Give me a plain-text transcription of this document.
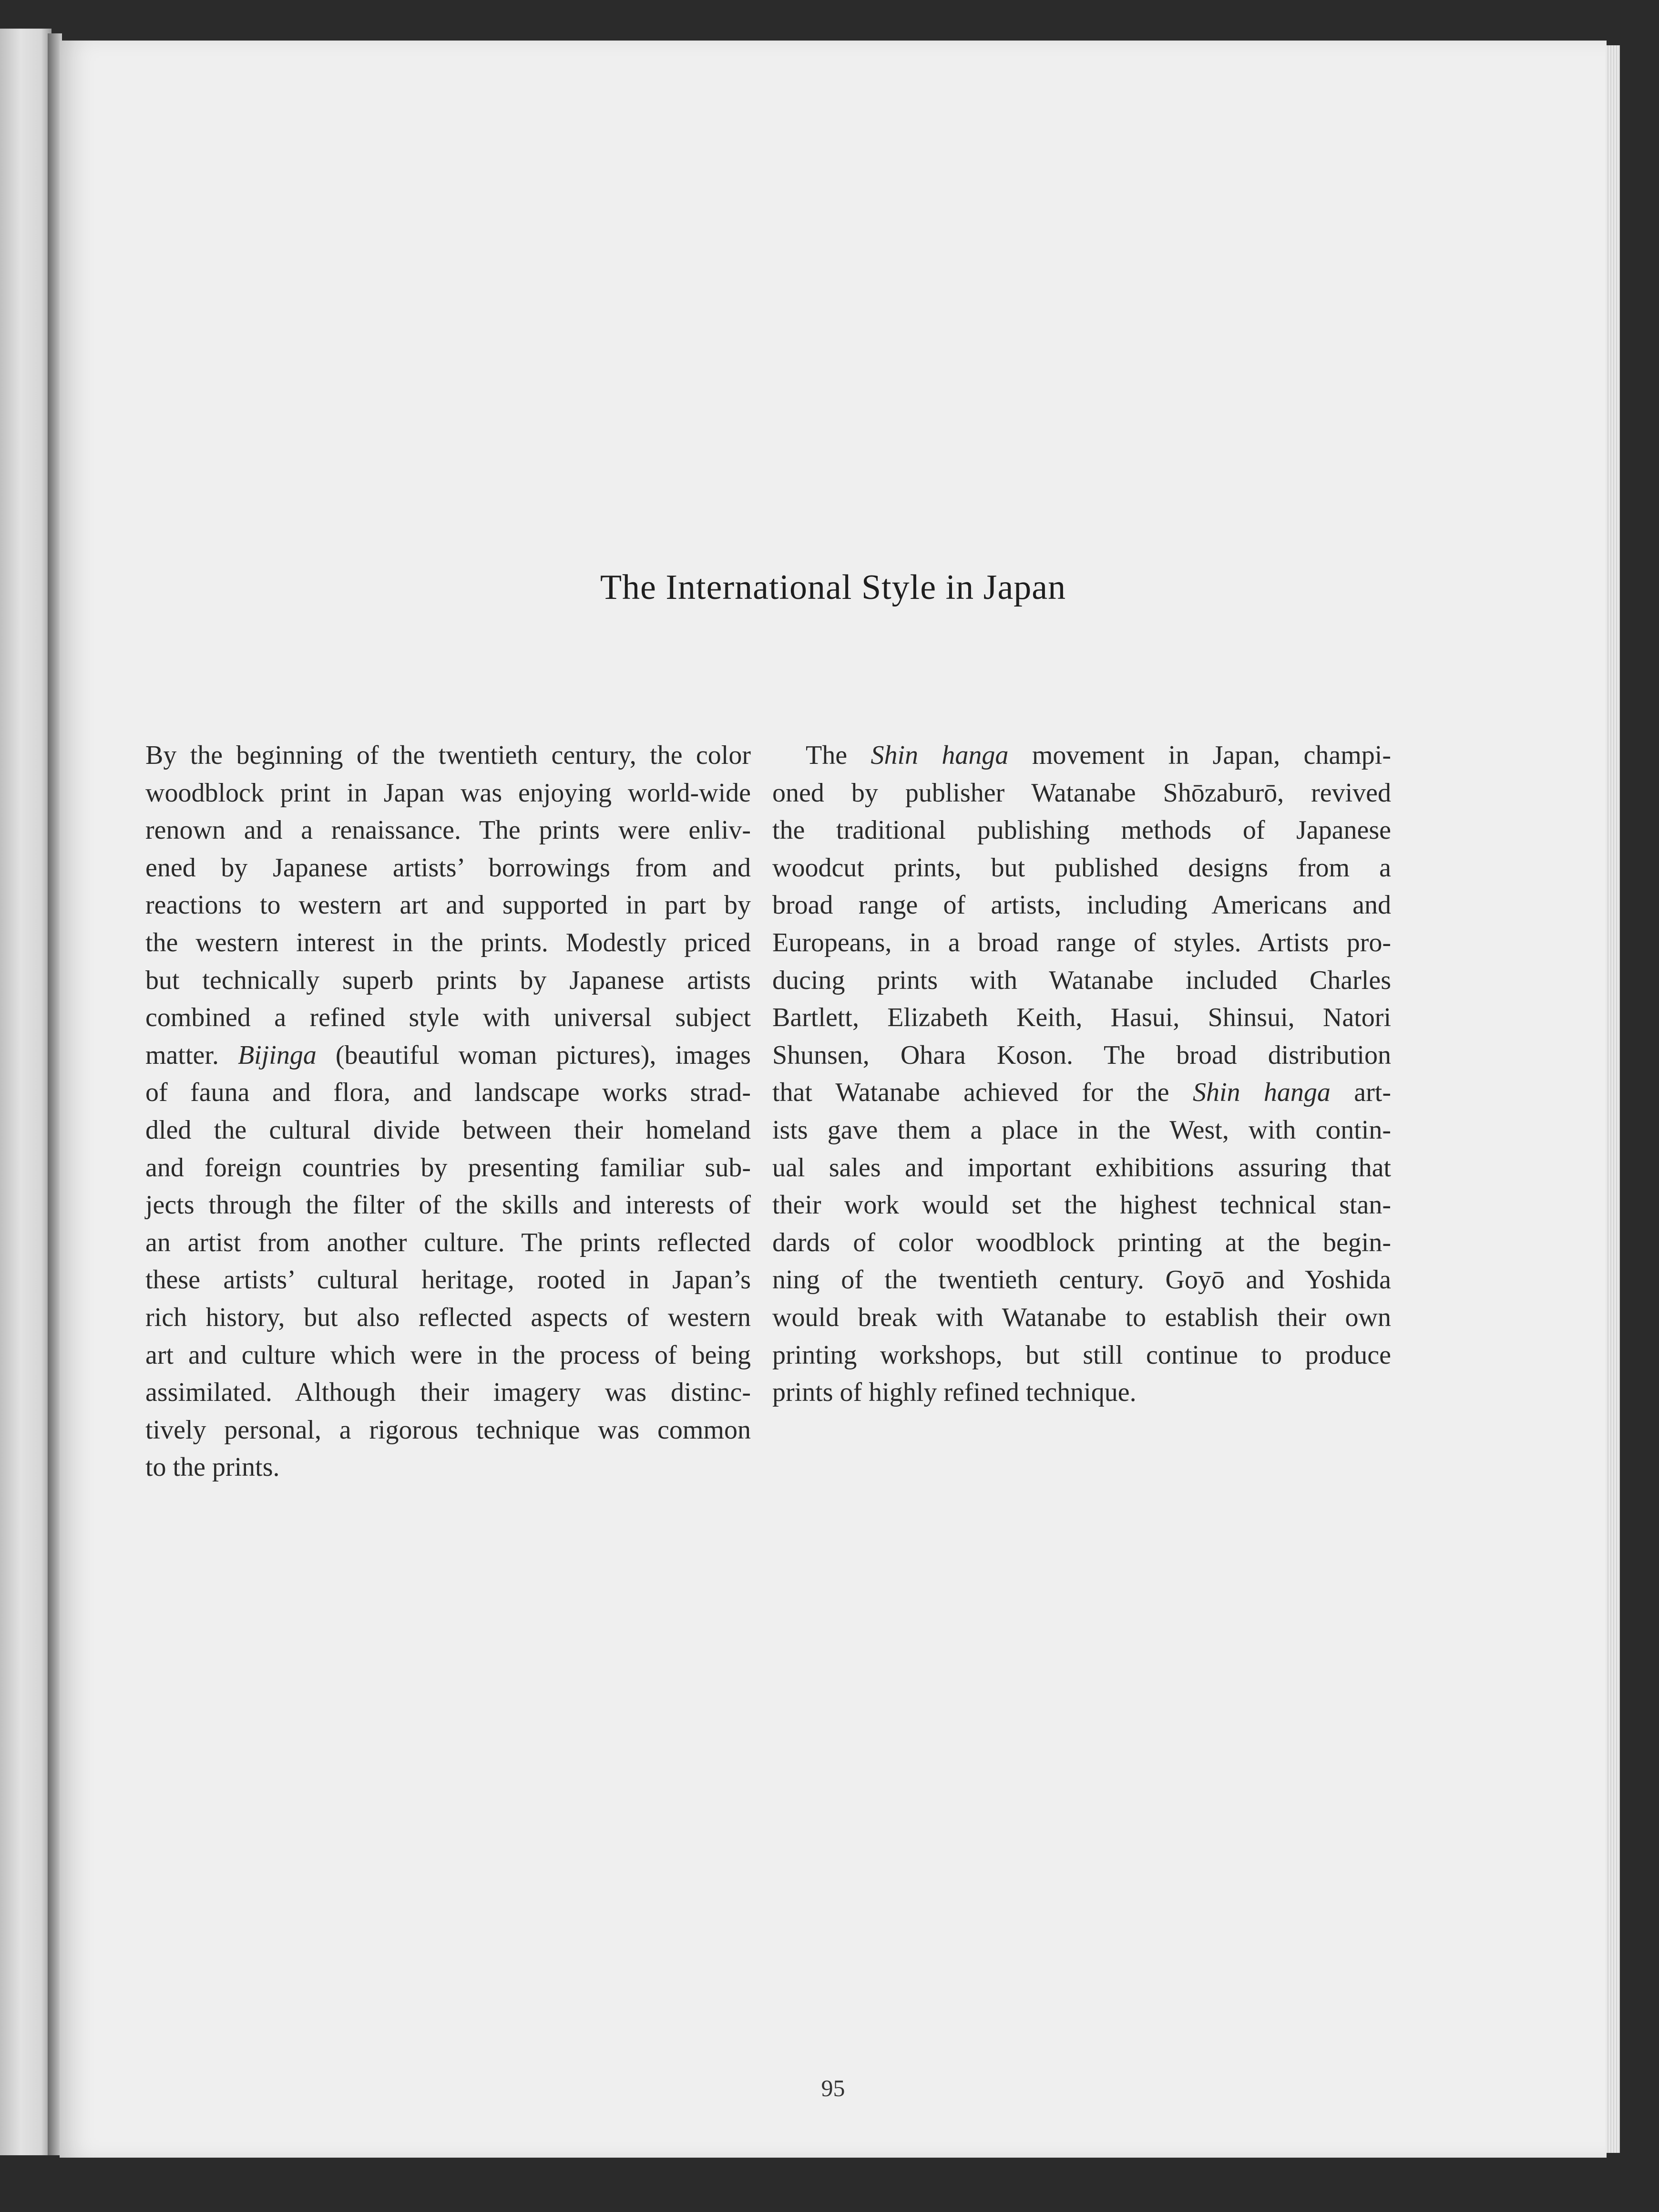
The International Style in Japan
By the beginning of the twentieth century, the color
woodblock print in Japan was enjoying world-wide
renown and a renaissance. The prints were enliv-
ened by Japanese artists’ borrowings from and
reactions to western art and supported in part by
the western interest in the prints. Modestly priced
but technically superb prints by Japanese artists
combined a refined style with universal subject
matter. Bijinga (beautiful woman pictures), images
of fauna and flora, and landscape works strad-
dled the cultural divide between their homeland
and foreign countries by presenting familiar sub-
jects through the filter of the skills and interests of
an artist from another culture. The prints reflected
these artists’ cultural heritage, rooted in Japan’s
rich history, but also reflected aspects of western
art and culture which were in the process of being
assimilated. Although their imagery was distinc-
tively personal, a rigorous technique was common
to the prints.
The Shin hanga movement in Japan, champi-
oned by publisher Watanabe Shōzaburō, revived
the traditional publishing methods of Japanese
woodcut prints, but published designs from a
broad range of artists, including Americans and
Europeans, in a broad range of styles. Artists pro-
ducing prints with Watanabe included Charles
Bartlett, Elizabeth Keith, Hasui, Shinsui, Natori
Shunsen, Ohara Koson. The broad distribution
that Watanabe achieved for the Shin hanga art-
ists gave them a place in the West, with contin-
ual sales and important exhibitions assuring that
their work would set the highest technical stan-
dards of color woodblock printing at the begin-
ning of the twentieth century. Goyō and Yoshida
would break with Watanabe to establish their own
printing workshops, but still continue to produce
prints of highly refined technique.
95
